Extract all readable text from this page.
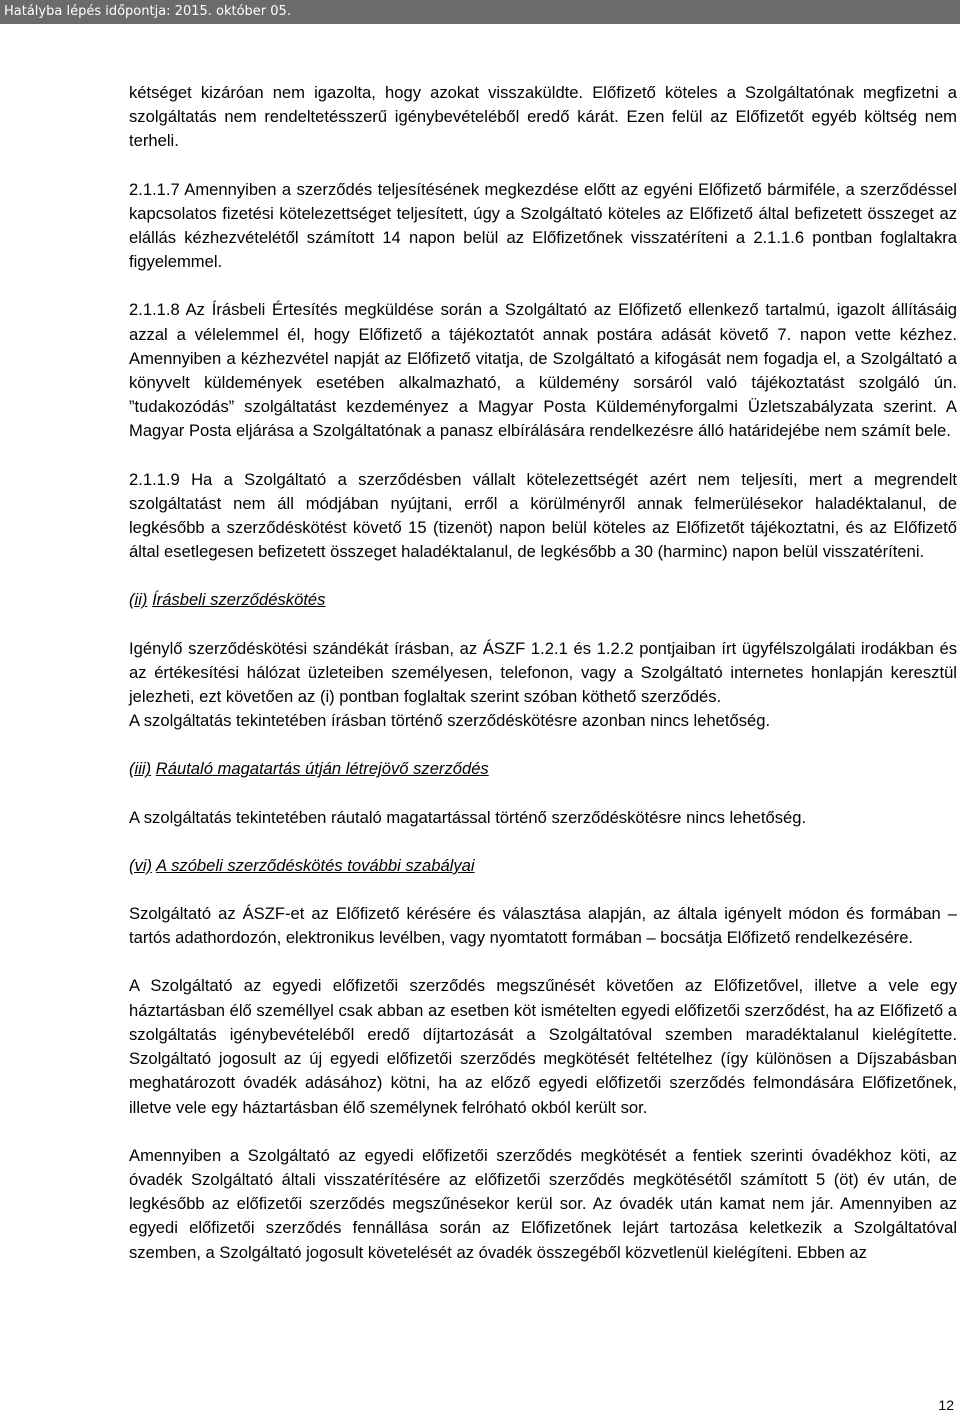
Hatályba lépés időpontja: 2015. október 05.

kétséget kizáróan nem igazolta, hogy azokat visszaküldte. Előfizető köteles a Szolgáltatónak megfizetni a szolgáltatás nem rendeltetésszerű igénybevételéből eredő kárát. Ezen felül az Előfizetőt egyéb költség nem terheli.

2.1.1.7 Amennyiben a szerződés teljesítésének megkezdése előtt az egyéni Előfizető bármiféle, a szerződéssel kapcsolatos fizetési kötelezettséget teljesített, úgy a Szolgáltató köteles az Előfizető által befizetett összeget az elállás kézhezvételétől számított 14 napon belül az Előfizetőnek visszatéríteni a 2.1.1.6 pontban foglaltakra figyelemmel.

2.1.1.8 Az Írásbeli Értesítés megküldése során a Szolgáltató az Előfizető ellenkező tartalmú, igazolt állításáig azzal a vélelemmel él, hogy Előfizető a tájékoztatót annak postára adását követő 7. napon vette kézhez. Amennyiben a kézhezvétel napját az Előfizető vitatja, de Szolgáltató a kifogását nem fogadja el, a Szolgáltató a könyvelt küldemények esetében alkalmazható, a küldemény sorsáról való tájékoztatást szolgáló ún. ”tudakozódás” szolgáltatást kezdeményez a Magyar Posta Küldeményforgalmi Üzletszabályzata szerint. A Magyar Posta eljárása a Szolgáltatónak a panasz elbírálására rendelkezésre álló határidejébe nem számít bele.

2.1.1.9 Ha a Szolgáltató a szerződésben vállalt kötelezettségét azért nem teljesíti, mert a megrendelt szolgáltatást nem áll módjában nyújtani, erről a körülményről annak felmerülésekor haladéktalanul, de legkésőbb a szerződéskötést követő 15 (tizenöt) napon belül köteles az Előfizetőt tájékoztatni, és az Előfizető által esetlegesen befizetett összeget haladéktalanul, de legkésőbb a 30 (harminc) napon belül visszatéríteni.

(ii) Írásbeli szerződéskötés

Igénylő szerződéskötési szándékát írásban, az ÁSZF 1.2.1 és 1.2.2 pontjaiban írt ügyfélszolgálati irodákban és az értékesítési hálózat üzleteiben személyesen, telefonon, vagy a Szolgáltató internetes honlapján keresztül jelezheti, ezt követően az (i) pontban foglaltak szerint szóban köthető szerződés.

A szolgáltatás tekintetében írásban történő szerződéskötésre azonban nincs lehetőség.

(iii) Ráutaló magatartás útján létrejövő szerződés

A szolgáltatás tekintetében ráutaló magatartással történő szerződéskötésre nincs lehetőség.

(vi) A szóbeli szerződéskötés további szabályai

Szolgáltató az ÁSZF-et az Előfizető kérésére és választása alapján, az általa igényelt módon és formában – tartós adathordozón, elektronikus levélben, vagy nyomtatott formában – bocsátja Előfizető rendelkezésére.

A Szolgáltató az egyedi előfizetői szerződés megszűnését követően az Előfizetővel, illetve a vele egy háztartásban élő személlyel csak abban az esetben köt ismételten egyedi előfizetői szerződést, ha az Előfizető a szolgáltatás igénybevételéből eredő díjtartozását a Szolgáltatóval szemben maradéktalanul kielégítette. Szolgáltató jogosult az új egyedi előfizetői szerződés megkötését feltételhez (így különösen a Díjszabásban meghatározott óvadék adásához) kötni, ha az előző egyedi előfizetői szerződés felmondására Előfizetőnek, illetve vele egy háztartásban élő személynek felróható okból került sor.

Amennyiben a Szolgáltató az egyedi előfizetői szerződés megkötését a fentiek szerinti óvadékhoz köti, az óvadék Szolgáltató általi visszatérítésére az előfizetői szerződés megkötésétől számított 5 (öt) év után, de legkésőbb az előfizetői szerződés megszűnésekor kerül sor. Az óvadék után kamat nem jár. Amennyiben az egyedi előfizetői szerződés fennállása során az Előfizetőnek lejárt tartozása keletkezik a Szolgáltatóval szemben, a Szolgáltató jogosult követelését az óvadék összegéből közvetlenül kielégíteni. Ebben az

12
